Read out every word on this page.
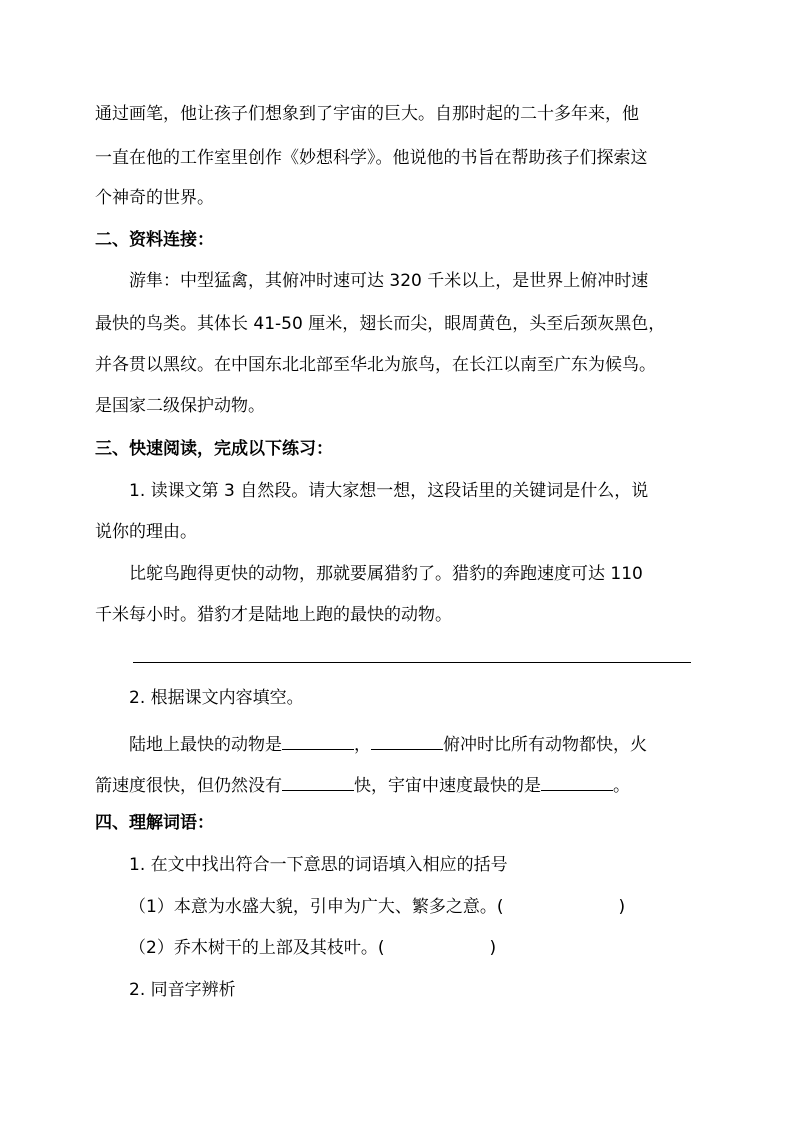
通过画笔，他让孩子们想象到了宇宙的巨大。自那时起的二十多年来，他
一直在他的工作室里创作《妙想科学》。他说他的书旨在帮助孩子们探索这
个神奇的世界。
二、资料连接：
游隼：中型猛禽，其俯冲时速可达 320 千米以上，是世界上俯冲时速
最快的鸟类。其体长 41-50 厘米，翅长而尖，眼周黄色，头至后颈灰黑色，
并各贯以黑纹。在中国东北北部至华北为旅鸟，在长江以南至广东为候鸟。
是国家二级保护动物。
三、快速阅读，完成以下练习：
1. 读课文第 3 自然段。请大家想一想，这段话里的关键词是什么，说
说你的理由。
比鸵鸟跑得更快的动物，那就要属猎豹了。猎豹的奔跑速度可达 110
千米每小时。猎豹才是陆地上跑的最快的动物。
2. 根据课文内容填空。
陆地上最快的动物是	，	俯冲时比所有动物都快，火
箭速度很快，但仍然没有	快，宇宙中速度最快的是	。
四、理解词语：
1. 在文中找出符合一下意思的词语填入相应的括号
（1）本意为水盛大貌，引申为广大、繁多之意。(	)
（2）乔木树干的上部及其枝叶。(	)
2. 同音字辨析
